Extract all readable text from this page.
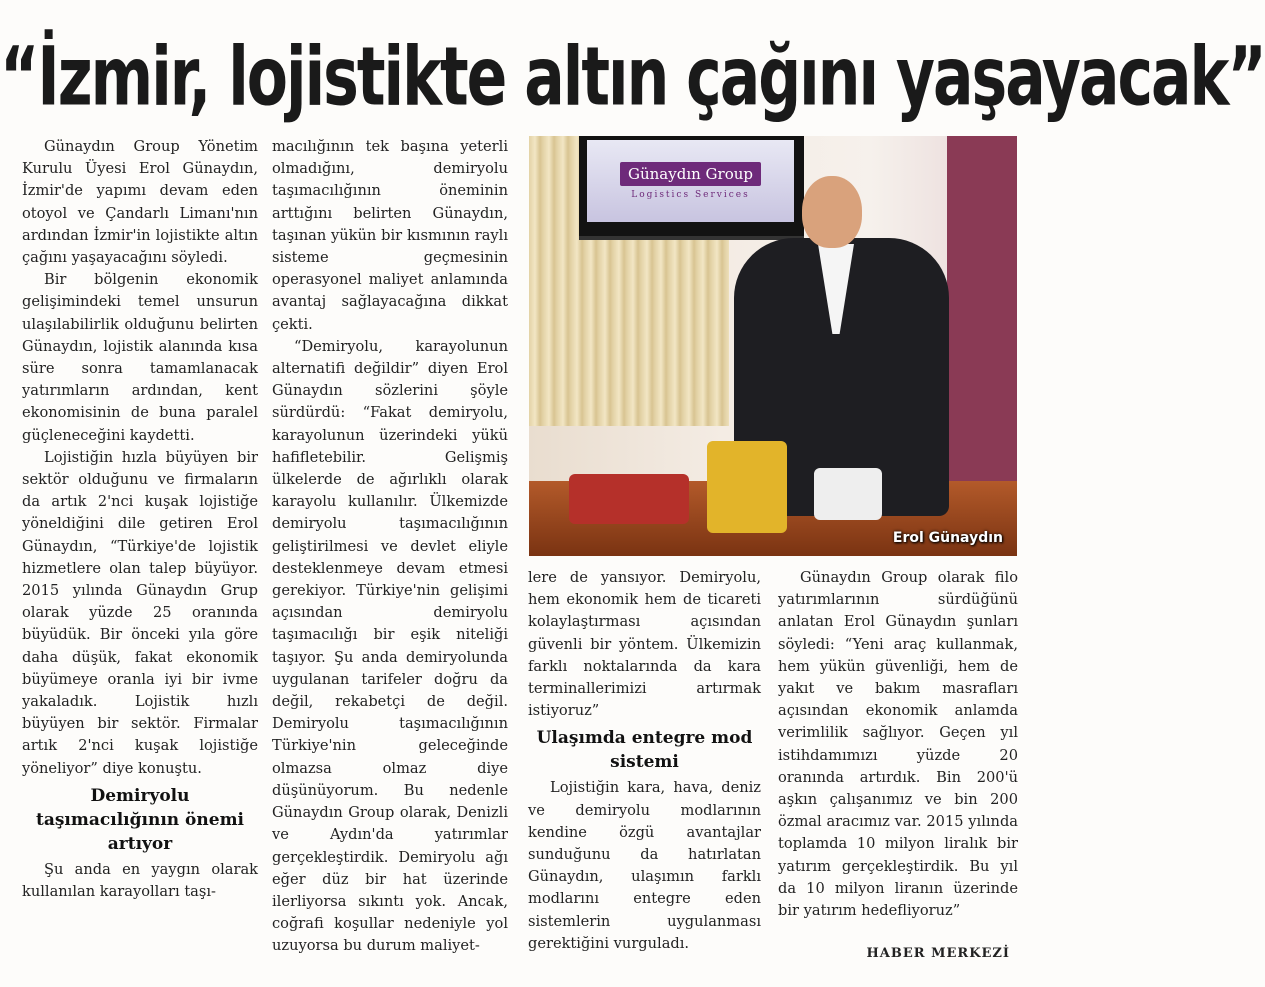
“İzmir, lojistikte altın çağını yaşayacak”

Günaydın Group Yönetim Kurulu Üyesi Erol Günaydın, İzmir'de yapımı devam eden otoyol ve Çandarlı Limanı'nın ardından İzmir'in lojistikte altın çağını yaşayacağını söyledi.

Bir bölgenin ekonomik gelişimindeki temel unsurun ulaşılabilirlik olduğunu belirten Günaydın, lojistik alanında kısa süre sonra tamamlanacak yatırımların ardından, kent ekonomisinin de buna paralel güçleneceğini kaydetti.

Lojistiğin hızla büyüyen bir sektör olduğunu ve firmaların da artık 2'nci kuşak lojistiğe yöneldiğini dile getiren Erol Günaydın, “Türkiye'de lojistik hizmetlere olan talep büyüyor. 2015 yılında Günaydın Grup olarak yüzde 25 oranında büyüdük. Bir önceki yıla göre daha düşük, fakat ekonomik büyümeye oranla iyi bir ivme yakaladık. Lojistik hızlı büyüyen bir sektör. Firmalar artık 2'nci kuşak lojistiğe yöneliyor” diye konuştu.

Demiryolu taşımacılığının önemi artıyor

Şu anda en yaygın olarak kullanılan karayolları taşı-

macılığının tek başına yeterli olmadığını, demiryolu taşımacılığının öneminin arttığını belirten Günaydın, taşınan yükün bir kısmının raylı sisteme geçmesinin operasyonel maliyet anlamında avantaj sağlayacağına dikkat çekti.

“Demiryolu, karayolunun alternatifi değildir” diyen Erol Günaydın sözlerini şöyle sürdürdü: “Fakat demiryolu, karayolunun üzerindeki yükü hafifletebilir. Gelişmiş ülkelerde de ağırlıklı olarak karayolu kullanılır. Ülkemizde demiryolu taşımacılığının geliştirilmesi ve devlet eliyle desteklenmeye devam etmesi gerekiyor. Türkiye'nin gelişimi açısından demiryolu taşımacılığı bir eşik niteliği taşıyor. Şu anda demiryolunda uygulanan tarifeler doğru da değil, rekabetçi de değil. Demiryolu taşımacılığının Türkiye'nin geleceğinde olmazsa olmaz diye düşünüyorum. Bu nedenle Günaydın Group olarak, Denizli ve Aydın'da yatırımlar gerçekleştirdik. Demiryolu ağı eğer düz bir hat üzerinde ilerliyorsa sıkıntı yok. Ancak, coğrafi koşullar nedeniyle yol uzuyorsa bu durum maliyet-

Günaydın Group
Logistics Services
Erol Günaydın

lere de yansıyor. Demiryolu, hem ekonomik hem de ticareti kolaylaştırması açısından güvenli bir yöntem. Ülkemizin farklı noktalarında da kara terminallerimizi artırmak istiyoruz”

Ulaşımda entegre mod sistemi

Lojistiğin kara, hava, deniz ve demiryolu modlarının kendine özgü avantajlar sunduğunu da hatırlatan Günaydın, ulaşımın farklı modlarını entegre eden sistemlerin uygulanması gerektiğini vurguladı.

Günaydın Group olarak filo yatırımlarının sürdüğünü anlatan Erol Günaydın şunları söyledi: “Yeni araç kullanmak, hem yükün güvenliği, hem de yakıt ve bakım masrafları açısından ekonomik anlamda verimlilik sağlıyor. Geçen yıl istihdamımızı yüzde 20 oranında artırdık. Bin 200'ü aşkın çalışanımız ve bin 200 özmal aracımız var. 2015 yılında toplamda 10 milyon liralık bir yatırım gerçekleştirdik. Bu yıl da 10 milyon liranın üzerinde bir yatırım hedefliyoruz”

HABER MERKEZİ
